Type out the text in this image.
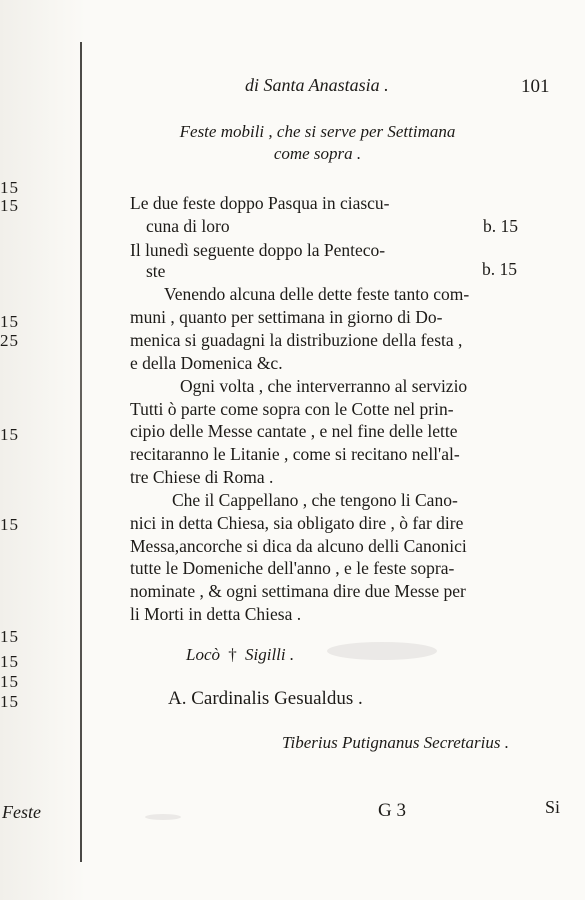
15
15
15
25
15
15
15
15
15
15
Feste
di Santa Anastasia .	101
Feste mobili , che si serve per Settimana
come sopra .
Le due feste doppo Pasqua in ciascu-
cuna di loro	b. 15
Il lunedì seguente doppo la Penteco-
ste	b. 15
Venendo alcuna delle dette feste tanto com-
muni , quanto per settimana in giorno di Do-
menica si guadagni la distribuzione della festa ,
e della Domenica &c.
Ogni volta , che interverranno al servizio
Tutti ò parte come sopra con le Cotte nel prin-
cipio delle Messe cantate , e nel fine delle lette
recitaranno le Litanie , come si recitano nell'al-
tre Chiese di Roma .
Che il Cappellano , che tengono li Cano-
nici in detta Chiesa, sia obligato dire , ò far dire
Messa,ancorche si dica da alcuno delli Canonici
tutte le Domeniche dell'anno , e le feste sopra-
nominate , & ogni settimana dire due Messe per
li Morti in detta Chiesa .
Locò † Sigilli .
A. Cardinalis Gesualdus .
Tiberius Putignanus Secretarius .
G 3	Si
